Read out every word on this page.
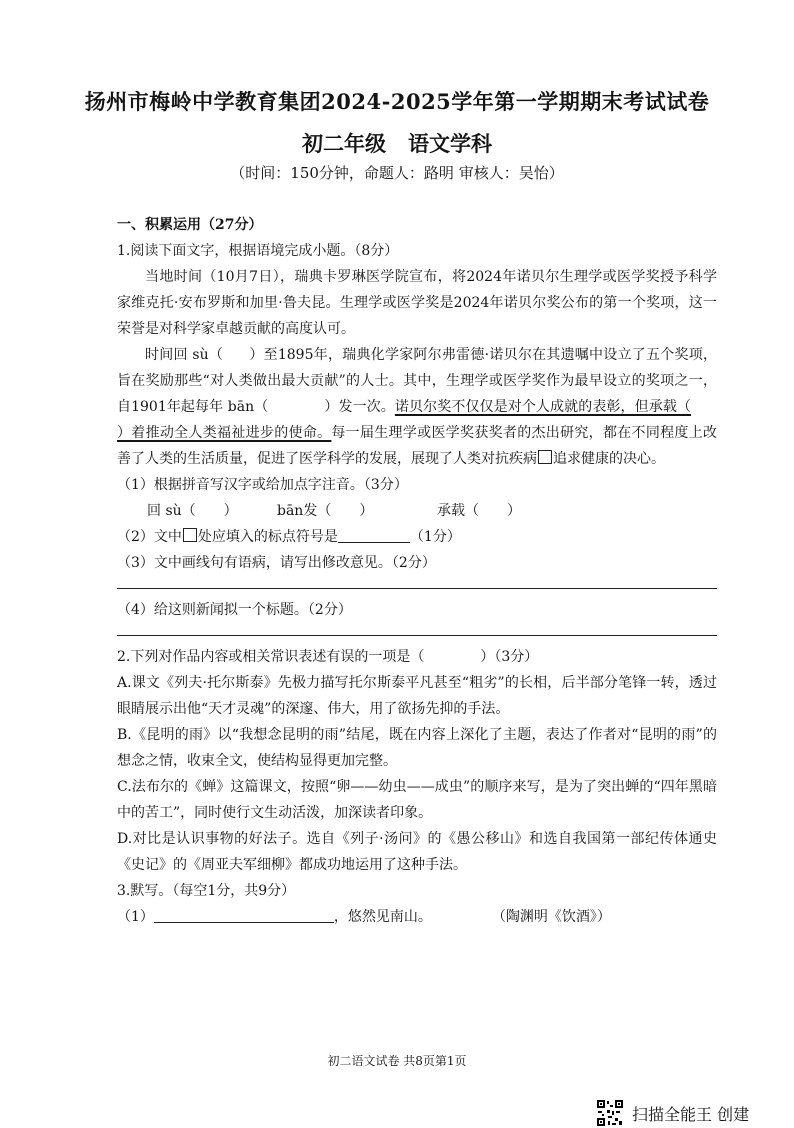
扬州市梅岭中学教育集团2024-2025学年第一学期期末考试试卷
初二年级 语文学科
（时间：150分钟，命题人：路明 审核人：吴怡）

一、积累运用（27分）

1.阅读下面文字，根据语境完成小题。（8分）

当地时间（10月7日），瑞典卡罗琳医学院宣布，将2024年诺贝尔生理学或医学奖授予科学家维克托·安布罗斯和加里·鲁夫昆。生理学或医学奖是2024年诺贝尔奖公布的第一个奖项，这一荣誉是对科学家卓越贡献的高度认可。

时间回 sù（ ）至1895年，瑞典化学家阿尔弗雷德·诺贝尔在其遗嘱中设立了五个奖项，旨在奖励那些“对人类做出最大贡献”的人士。其中，生理学或医学奖作为最早设立的奖项之一，自1901年起每年 bān（	）发一次。诺贝尔奖不仅仅是对个人成就的表彰，但承载（）着推动全人类福祉进步的使命。每一届生理学或医学奖获奖者的杰出研究，都在不同程度上改善了人类的生活质量，促进了医学科学的发展，展现了人类对抗疾病 追求健康的决心。

（1）根据拼音写汉字或给加点字注音。（3分）

回 sù（　　）	bān发（　　）	承载（　　）

（2）文中 处应填入的标点符号是	（1分）

（3）文中画线句有语病，请写出修改意见。（2分）

（4）给这则新闻拟一个标题。（2分）

2.下列对作品内容或相关常识表述有误的一项是（　　　　）（3分）

A.课文《列夫·托尔斯泰》先极力描写托尔斯泰平凡甚至“粗劣”的长相，后半部分笔锋一转，透过眼睛展示出他“天才灵魂”的深邃、伟大，用了欲扬先抑的手法。

B.《昆明的雨》以“我想念昆明的雨”结尾，既在内容上深化了主题，表达了作者对“昆明的雨”的想念之情，收束全文，使结构显得更加完整。

C.法布尔的《蝉》这篇课文，按照“卵——幼虫——成虫”的顺序来写，是为了突出蝉的“四年黑暗中的苦工”，同时使行文生动活泼，加深读者印象。

D.对比是认识事物的好法子。选自《列子·汤问》的《愚公移山》和选自我国第一部纪传体通史《史记》的《周亚夫军细柳》都成功地运用了这种手法。

3.默写。（每空1分，共9分）

（1）	，悠然见南山。	（陶渊明《饮酒》）

初二语文试卷 共8页第1页
扫描全能王 创建
